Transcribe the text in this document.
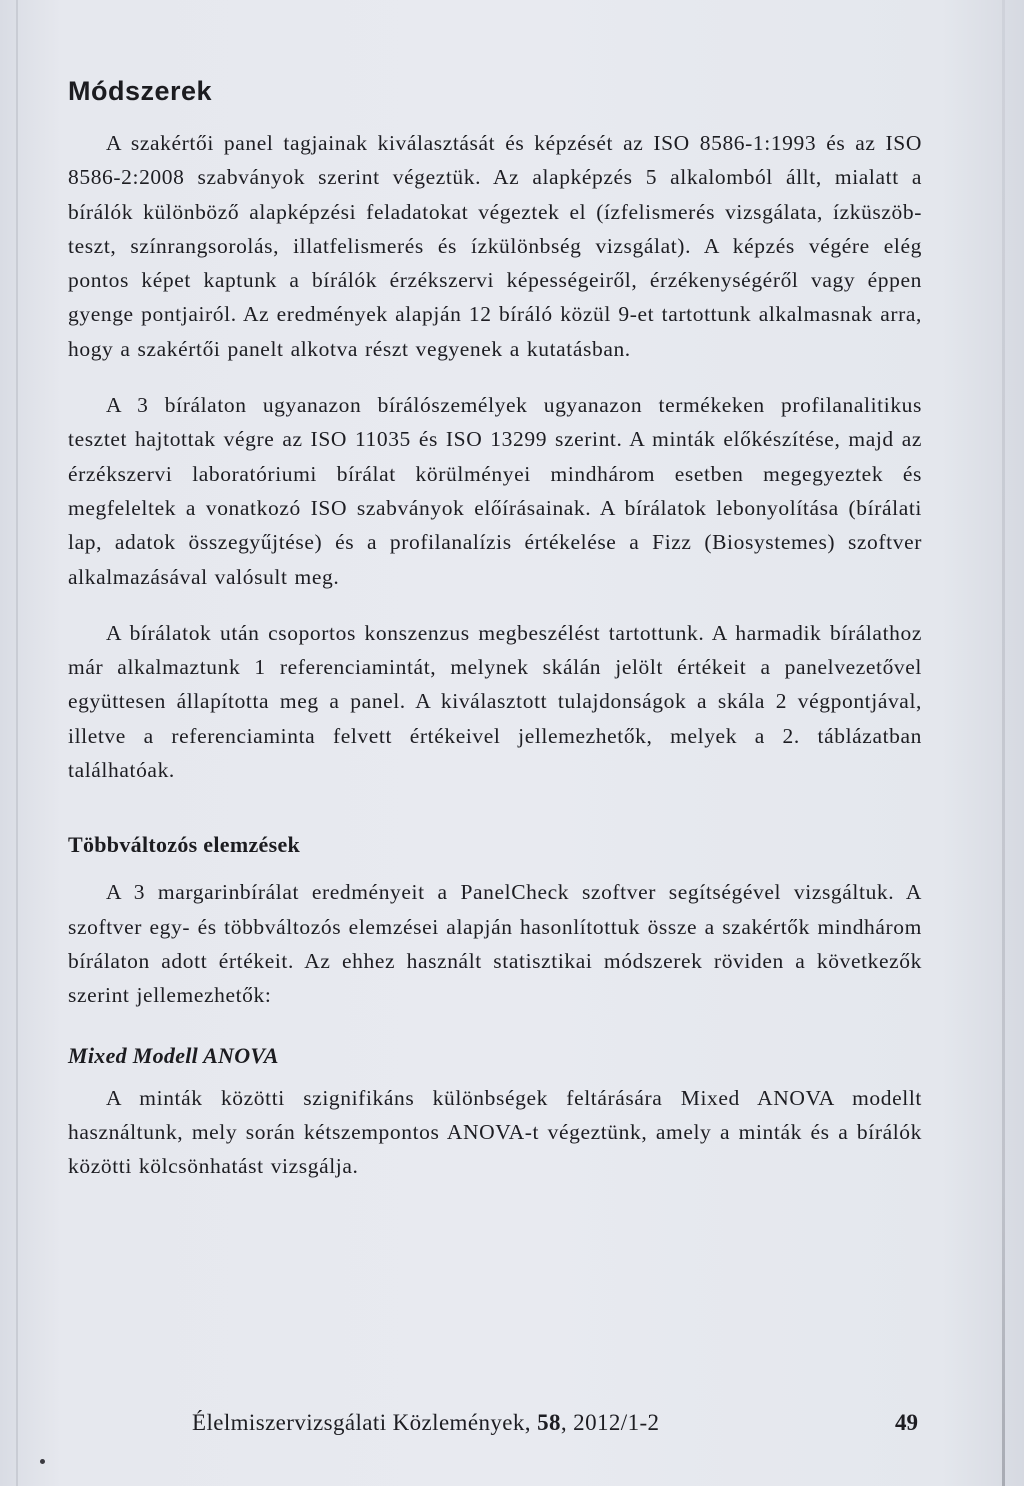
Módszerek

A szakértői panel tagjainak kiválasztását és képzését az ISO 8586-1:1993 és az ISO 8586-2:2008 szabványok szerint végeztük. Az alapképzés 5 alkalomból állt, mialatt a bírálók különböző alapképzési feladatokat végeztek el (ízfelismerés vizsgálata, ízküszöb-teszt, színrangsorolás, illatfelismerés és ízkülönbség vizsgálat). A képzés végére elég pontos képet kaptunk a bírálók érzékszervi képességeiről, érzékenységéről vagy éppen gyenge pontjairól. Az eredmények alapján 12 bíráló közül 9-et tartottunk alkalmasnak arra, hogy a szakértői panelt alkotva részt vegyenek a kutatásban.

A 3 bírálaton ugyanazon bírálószemélyek ugyanazon termékeken profilanalitikus tesztet hajtottak végre az ISO 11035 és ISO 13299 szerint. A minták előkészítése, majd az érzékszervi laboratóriumi bírálat körülményei mindhárom esetben megegyeztek és megfeleltek a vonatkozó ISO szabványok előírásainak. A bírálatok lebonyolítása (bírálati lap, adatok összegyűjtése) és a profilanalízis értékelése a Fizz (Biosystemes) szoftver alkalmazásával valósult meg.

A bírálatok után csoportos konszenzus megbeszélést tartottunk. A harmadik bírálathoz már alkalmaztunk 1 referenciamintát, melynek skálán jelölt értékeit a panelvezetővel együttesen állapította meg a panel. A kiválasztott tulajdonságok a skála 2 végpontjával, illetve a referenciaminta felvett értékeivel jellemezhetők, melyek a 2. táblázatban találhatóak.

Többváltozós elemzések

A 3 margarinbírálat eredményeit a PanelCheck szoftver segítségével vizsgáltuk. A szoftver egy- és többváltozós elemzései alapján hasonlítottuk össze a szakértők mindhárom bírálaton adott értékeit. Az ehhez használt statisztikai módszerek röviden a következők szerint jellemezhetők:

Mixed Modell ANOVA

A minták közötti szignifikáns különbségek feltárására Mixed ANOVA modellt használtunk, mely során kétszempontos ANOVA-t végeztünk, amely a minták és a bírálók közötti kölcsönhatást vizsgálja.

Élelmiszervizsgálati Közlemények, 58, 2012/1-2	49
